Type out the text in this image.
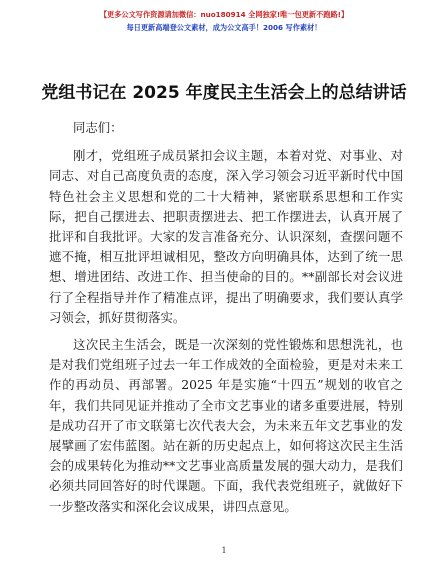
【更多公文写作资源请加微信：nuo180914 全网独家!唯一包更新不跑路!】
每日更新高端登公文素材，成为公文高手！2006 写作素材！
党组书记在 2025 年度民主生活会上的总结讲话

同志们：

刚才，党组班子成员紧扣会议主题，本着对党、对事业、对同志、对自己高度负责的态度，深入学习领会习近平新时代中国特色社会主义思想和党的二十大精神，紧密联系思想和工作实际，把自己摆进去、把职责摆进去、把工作摆进去，认真开展了批评和自我批评。大家的发言准备充分、认识深刻，查摆问题不遮不掩，相互批评坦诚相见，整改方向明确具体，达到了统一思想、增进团结、改进工作、担当使命的目的。**副部长对会议进行了全程指导并作了精准点评，提出了明确要求，我们要认真学习领会，抓好贯彻落实。

这次民主生活会，既是一次深刻的党性锻炼和思想洗礼，也是对我们党组班子过去一年工作成效的全面检验，更是对未来工作的再动员、再部署。2025 年是实施“十四五”规划的收官之年，我们共同见证并推动了全市文艺事业的诸多重要进展，特别是成功召开了市文联第七次代表大会，为未来五年文艺事业的发展擘画了宏伟蓝图。站在新的历史起点上，如何将这次民主生活会的成果转化为推动**文艺事业高质量发展的强大动力，是我们必须共同回答好的时代课题。下面，我代表党组班子，就做好下一步整改落实和深化会议成果，讲四点意见。

1
